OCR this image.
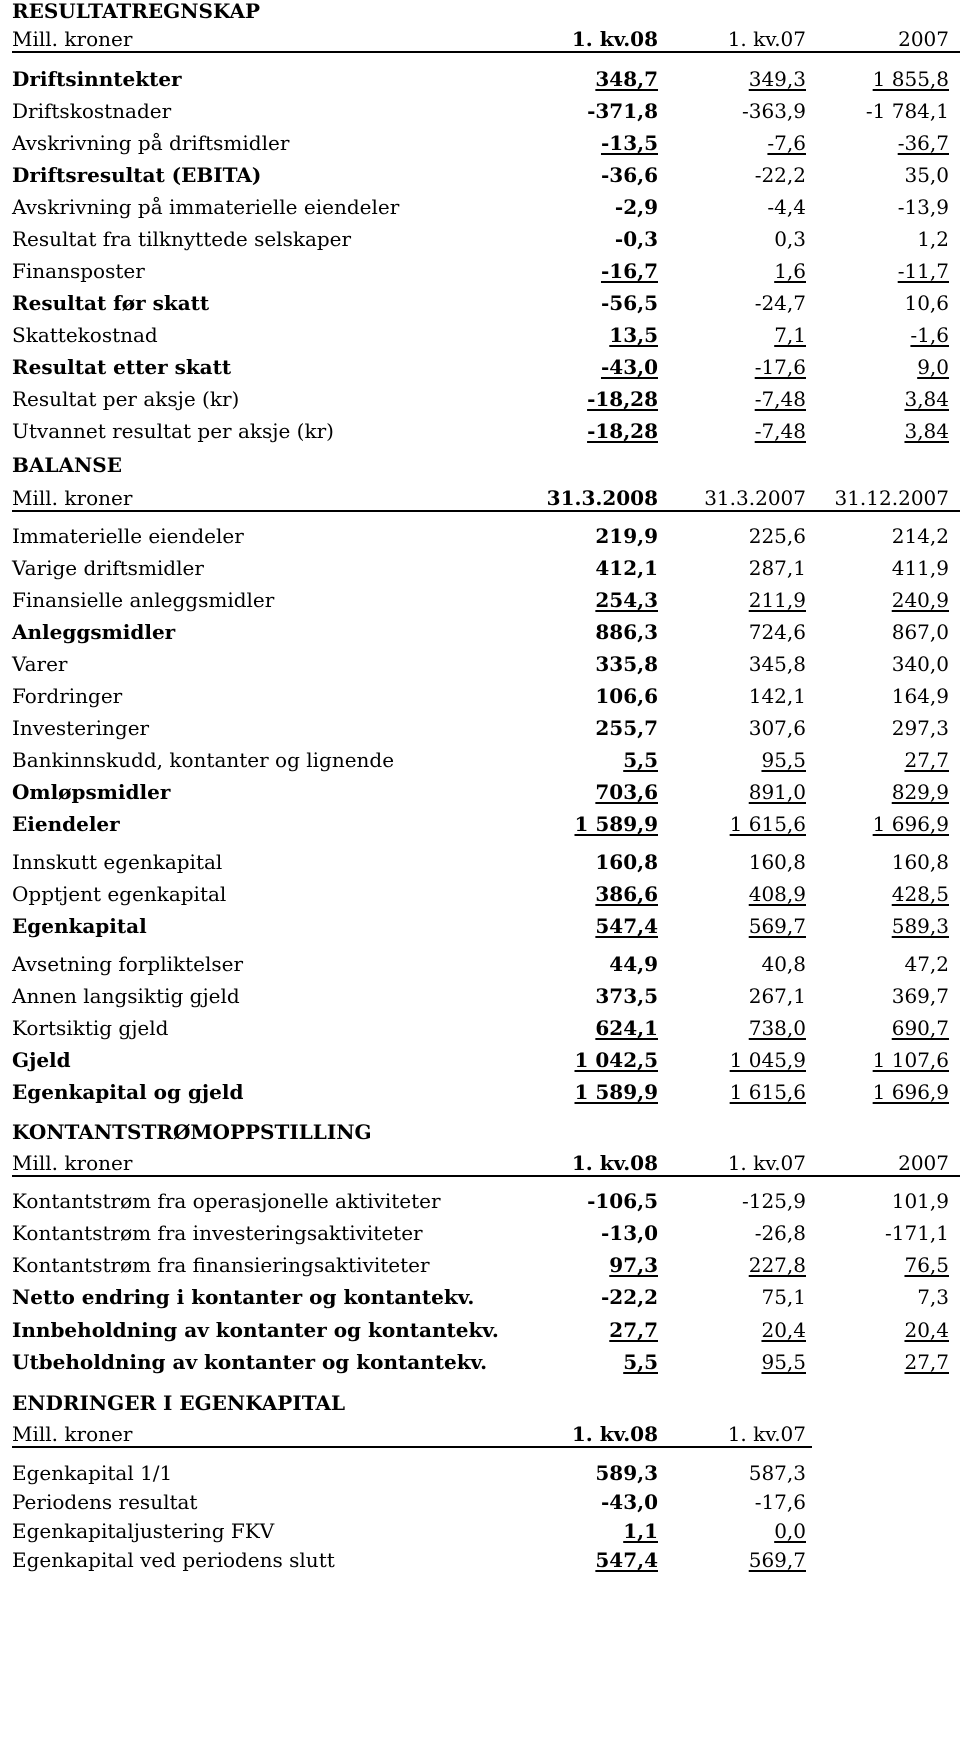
RESULTATREGNSKAP
Mill. kroner	1. kv.08	1. kv.07	2007
Driftsinntekter	348,7	349,3	1 855,8
Driftskostnader	-371,8	-363,9	-1 784,1
Avskrivning på driftsmidler	-13,5	-7,6	-36,7
Driftsresultat (EBITA)	-36,6	-22,2	35,0
Avskrivning på immaterielle eiendeler	-2,9	-4,4	-13,9
Resultat fra tilknyttede selskaper	-0,3	0,3	1,2
Finansposter	-16,7	1,6	-11,7
Resultat før skatt	-56,5	-24,7	10,6
Skattekostnad	13,5	7,1	-1,6
Resultat etter skatt	-43,0	-17,6	9,0
Resultat per aksje (kr)	-18,28	-7,48	3,84
Utvannet resultat per aksje (kr)	-18,28	-7,48	3,84
BALANSE
Mill. kroner	31.3.2008 31.3.2007 31.12.2007
Immaterielle eiendeler	219,9	225,6	214,2
Varige driftsmidler	412,1	287,1	411,9
Finansielle anleggsmidler	254,3	211,9	240,9
Anleggsmidler	886,3	724,6	867,0
Varer	335,8	345,8	340,0
Fordringer	106,6	142,1	164,9
Investeringer	255,7	307,6	297,3
Bankinnskudd, kontanter og lignende	5,5	95,5	27,7
Omløpsmidler	703,6	891,0	829,9
Eiendeler	1 589,9	1 615,6	1 696,9
Innskutt egenkapital	160,8	160,8	160,8
Opptjent egenkapital	386,6	408,9	428,5
Egenkapital	547,4	569,7	589,3
Avsetning forpliktelser	44,9	40,8	47,2
Annen langsiktig gjeld	373,5	267,1	369,7
Kortsiktig gjeld	624,1	738,0	690,7
Gjeld	1 042,5	1 045,9	1 107,6
Egenkapital og gjeld	1 589,9	1 615,6	1 696,9
KONTANTSTRØMOPPSTILLING
Mill. kroner	1. kv.08	1. kv.07	2007
Kontantstrøm fra operasjonelle aktiviteter	-106,5	-125,9	101,9
Kontantstrøm fra investeringsaktiviteter	-13,0	-26,8	-171,1
Kontantstrøm fra finansieringsaktiviteter	97,3	227,8	76,5
Netto endring i kontanter og kontantekv.	-22,2	75,1	7,3
Innbeholdning av kontanter og kontantekv.	27,7	20,4	20,4
Utbeholdning av kontanter og kontantekv.	5,5	95,5	27,7
ENDRINGER I EGENKAPITAL
Mill. kroner	1. kv.08	1. kv.07
Egenkapital 1/1	589,3	587,3
Periodens resultat	-43,0	-17,6
Egenkapitaljustering FKV	1,1	0,0
Egenkapital ved periodens slutt	547,4	569,7
